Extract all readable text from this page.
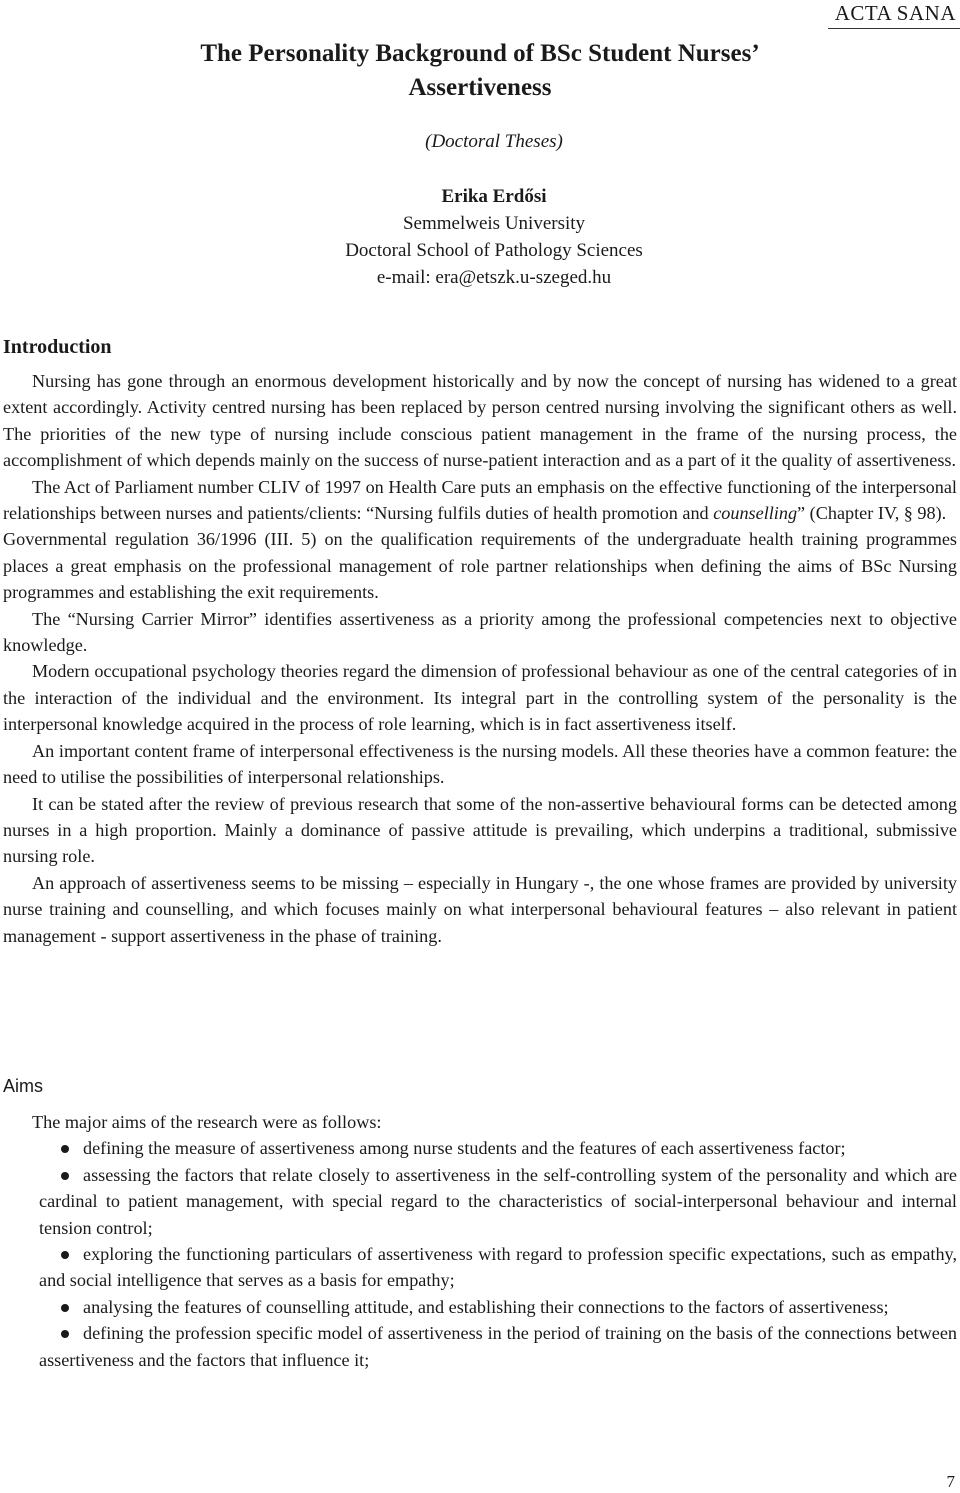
ACTA SANA
The Personality Background of BSc Student Nurses’
Assertiveness
(Doctoral Theses)
Erika Erdősi
Semmelweis University
Doctoral School of Pathology Sciences
e-mail: era@etszk.u-szeged.hu
Introduction

Nursing has gone through an enormous development historically and by now the concept of nursing has widened to a great extent accordingly. Activity centred nursing has been replaced by person centred nursing involving the significant others as well. The priorities of the new type of nursing include conscious patient management in the frame of the nursing process, the accomplishment of which depends mainly on the success of nurse-patient interaction and as a part of it the quality of assertiveness.

The Act of Parliament number CLIV of 1997 on Health Care puts an emphasis on the effective functioning of the interpersonal relationships between nurses and patients/clients: “Nursing fulfils duties of health promotion and counselling” (Chapter IV, § 98).

Governmental regulation 36/1996 (III. 5) on the qualification requirements of the undergraduate health training programmes places a great emphasis on the professional management of role partner relationships when defining the aims of BSc Nursing programmes and establishing the exit requirements.

The “Nursing Carrier Mirror” identifies assertiveness as a priority among the professional competencies next to objective knowledge.

Modern occupational psychology theories regard the dimension of professional behaviour as one of the central categories of in the interaction of the individual and the environment. Its integral part in the controlling system of the personality is the interpersonal knowledge acquired in the process of role learning, which is in fact assertiveness itself.

An important content frame of interpersonal effectiveness is the nursing models. All these theories have a common feature: the need to utilise the possibilities of interpersonal relationships.

It can be stated after the review of previous research that some of the non-assertive behavioural forms can be detected among nurses in a high proportion. Mainly a dominance of passive attitude is prevailing, which underpins a traditional, submissive nursing role.

An approach of assertiveness seems to be missing – especially in Hungary -, the one whose frames are provided by university nurse training and counselling, and which focuses mainly on what interpersonal behavioural features – also relevant in patient management - support assertiveness in the phase of training.

Aims

The major aims of the research were as follows:

defining the measure of assertiveness among nurse students and the features of each assertiveness factor;
assessing the factors that relate closely to assertiveness in the self-controlling system of the personality and which are cardinal to patient management, with special regard to the characteristics of social-interpersonal behaviour and internal tension control;
exploring the functioning particulars of assertiveness with regard to profession specific expectations, such as empathy, and social intelligence that serves as a basis for empathy;
analysing the features of counselling attitude, and establishing their connections to the factors of assertiveness;
defining the profession specific model of assertiveness in the period of training on the basis of the connections between assertiveness and the factors that influence it;
7
